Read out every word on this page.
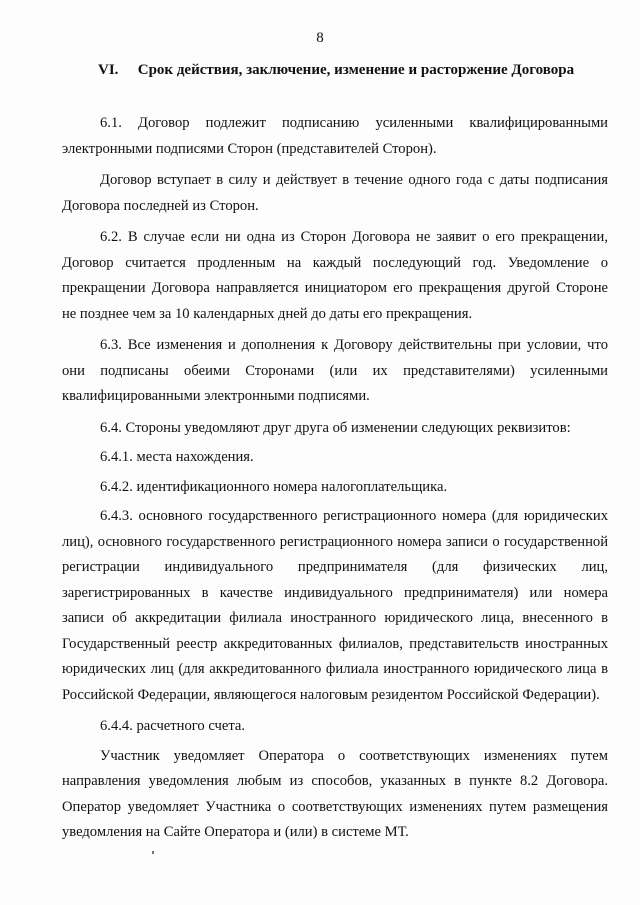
8
VI. Срок действия, заключение, изменение и расторжение Договора

6.1. Договор подлежит подписанию усиленными квалифицированными электронными подписями Сторон (представителей Сторон).

Договор вступает в силу и действует в течение одного года с даты подписания Договора последней из Сторон.

6.2. В случае если ни одна из Сторон Договора не заявит о его прекращении, Договор считается продленным на каждый последующий год. Уведомление о прекращении Договора направляется инициатором его прекращения другой Стороне не позднее чем за 10 календарных дней до даты его прекращения.

6.3. Все изменения и дополнения к Договору действительны при условии, что они подписаны обеими Сторонами (или их представителями) усиленными квалифицированными электронными подписями.

6.4. Стороны уведомляют друг друга об изменении следующих реквизитов:

6.4.1. места нахождения.

6.4.2. идентификационного номера налогоплательщика.

6.4.3. основного государственного регистрационного номера (для юридических лиц), основного государственного регистрационного номера записи о государственной регистрации индивидуального предпринимателя (для физических лиц, зарегистрированных в качестве индивидуального предпринимателя) или номера записи об аккредитации филиала иностранного юридического лица, внесенного в Государственный реестр аккредитованных филиалов, представительств иностранных юридических лиц (для аккредитованного филиала иностранного юридического лица в Российской Федерации, являющегося налоговым резидентом Российской Федерации).

6.4.4. расчетного счета.

Участник уведомляет Оператора о соответствующих изменениях путем направления уведомления любым из способов, указанных в пункте 8.2 Договора. Оператор уведомляет Участника о соответствующих изменениях путем размещения уведомления на Сайте Оператора и (или) в системе МТ.
